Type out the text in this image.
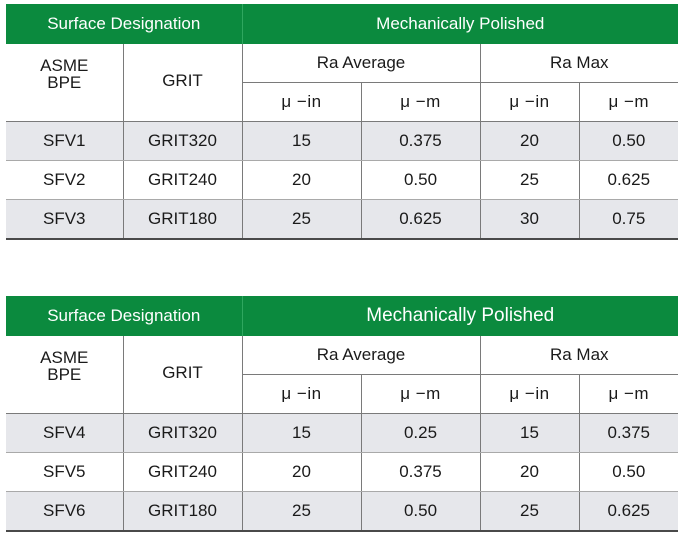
Surface Designation		Mechanically Polished			
ASME
BPE	GRIT	Ra Average		Ra Max	
		μ −in	μ −m	μ −in	μ −m
SFV1	GRIT320	15	0.375	20	0.50
SFV2	GRIT240	20	0.50	25	0.625
SFV3	GRIT180	25	0.625	30	0.75
Surface Designation		Mechanically Polished			
ASME
BPE	GRIT	Ra Average		Ra Max	
		μ −in	μ −m	μ −in	μ −m
SFV4	GRIT320	15	0.25	15	0.375
SFV5	GRIT240	20	0.375	20	0.50
SFV6	GRIT180	25	0.50	25	0.625
